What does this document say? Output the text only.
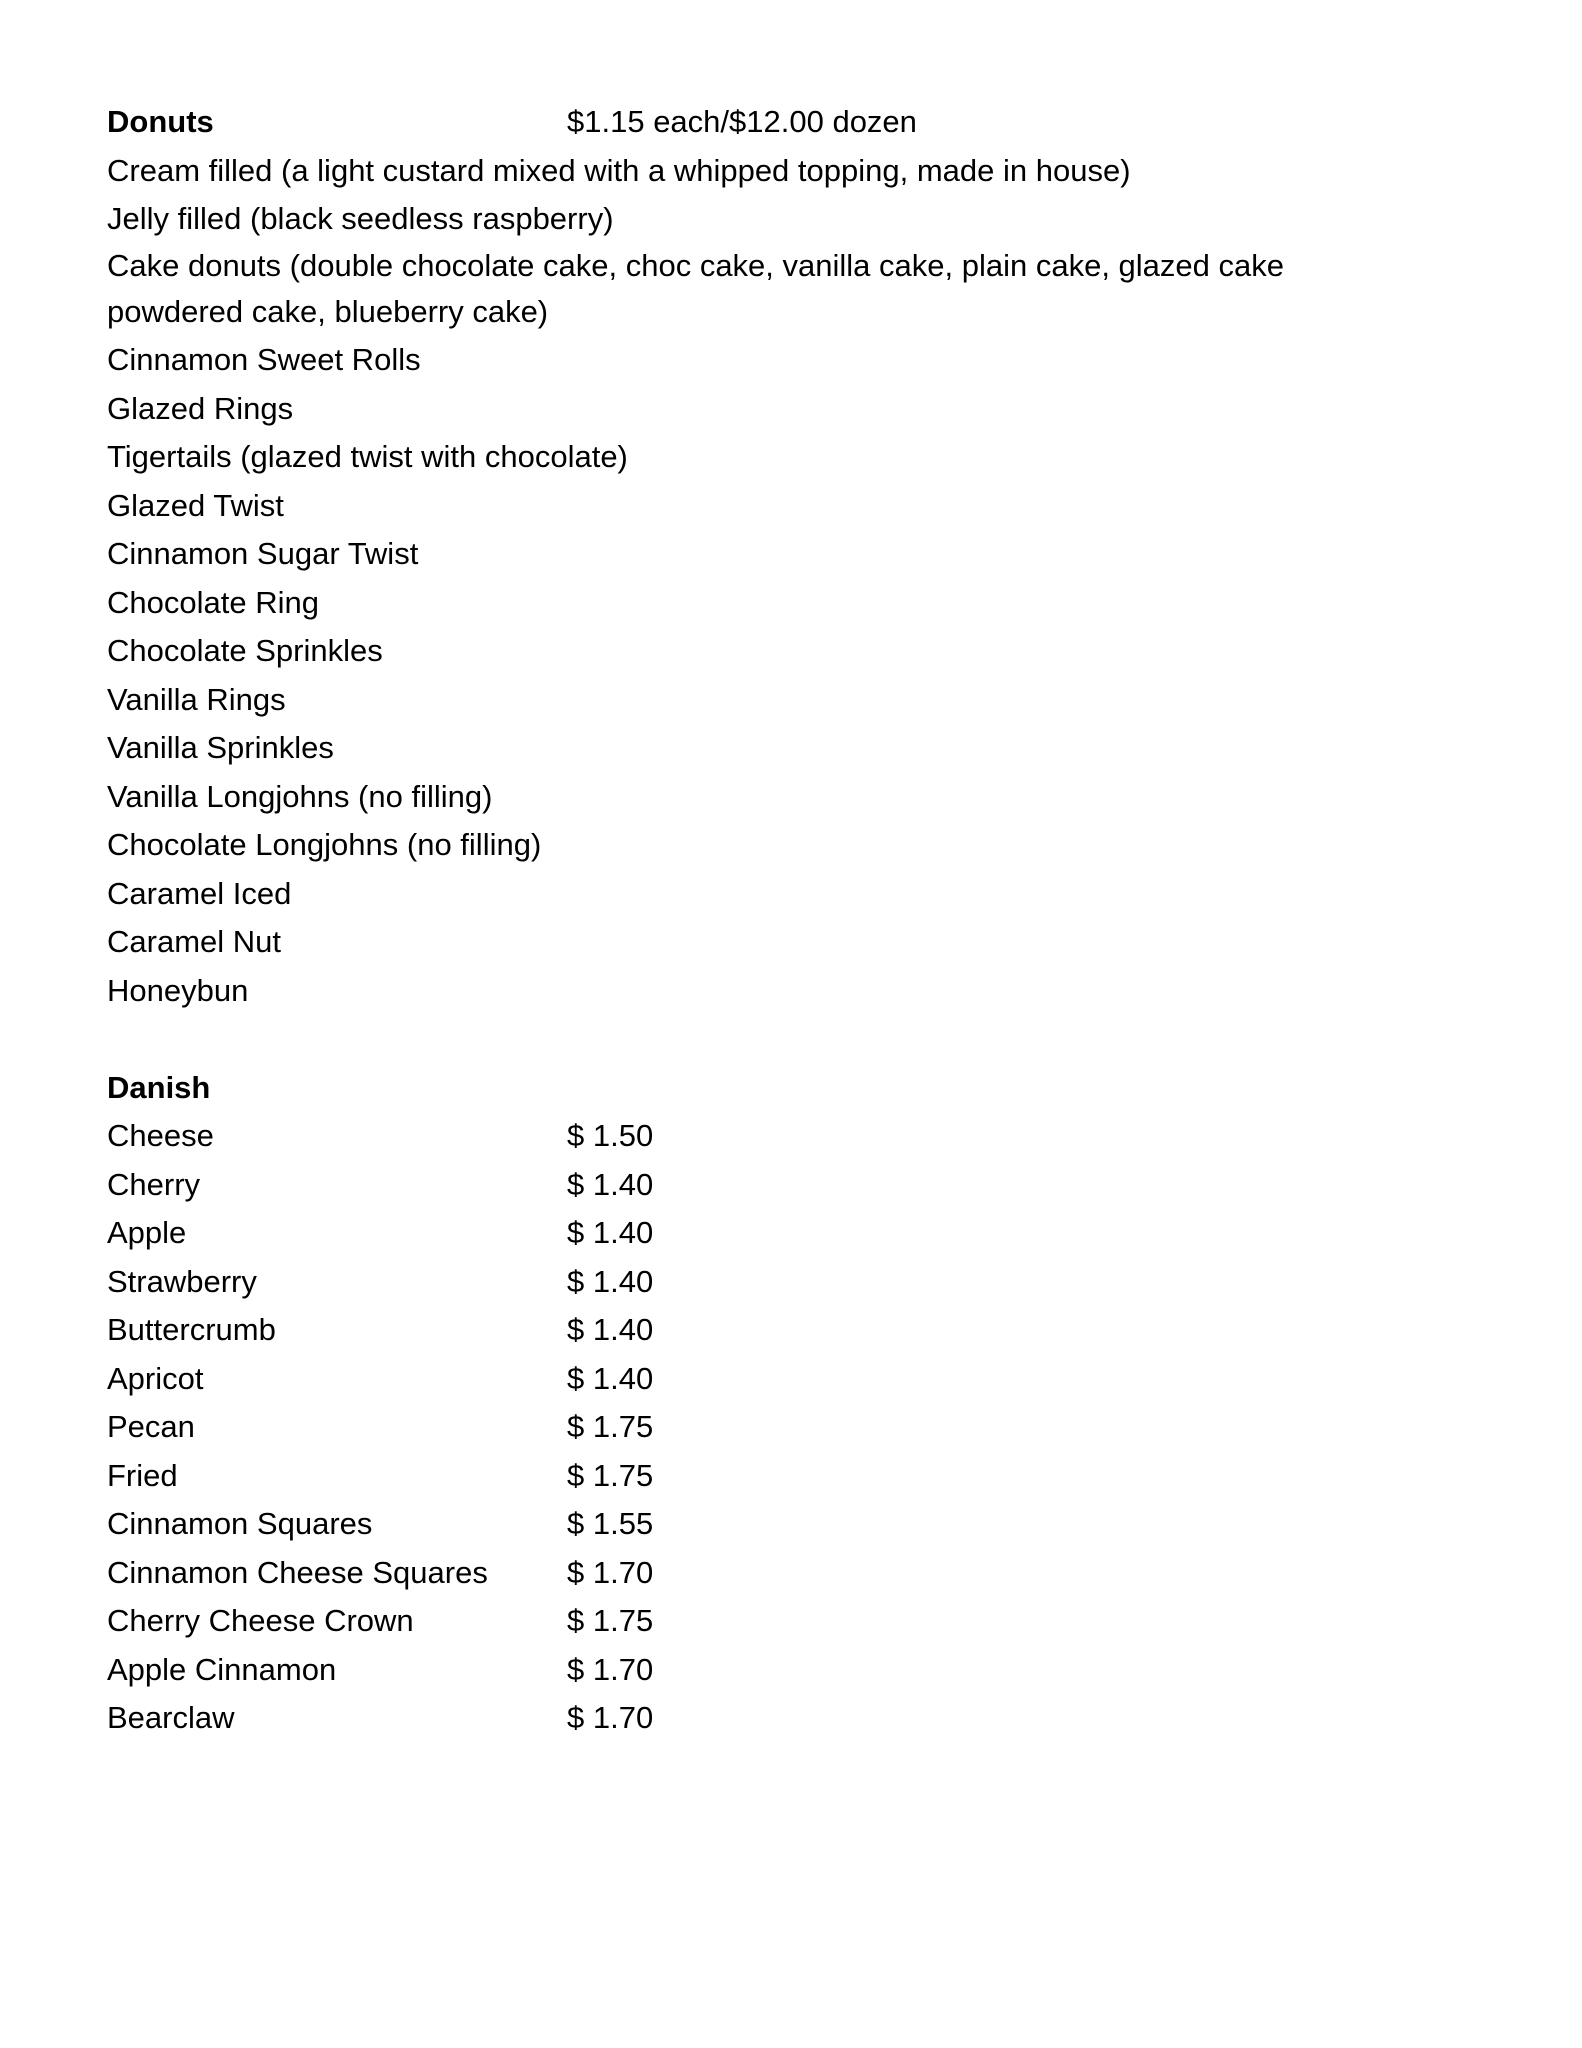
Donuts	$1.15 each/$12.00 dozen
Cream filled (a light custard mixed with a whipped topping, made in house)
Jelly filled (black seedless raspberry)
Cake donuts (double chocolate cake, choc cake, vanilla cake, plain cake, glazed cake
powdered cake, blueberry cake)
Cinnamon Sweet Rolls
Glazed Rings
Tigertails (glazed twist with chocolate)
Glazed Twist
Cinnamon Sugar Twist
Chocolate Ring
Chocolate Sprinkles
Vanilla Rings
Vanilla Sprinkles
Vanilla Longjohns (no filling)
Chocolate Longjohns (no filling)
Caramel Iced
Caramel Nut
Honeybun
Danish
Cheese	$ 1.50
Cherry	$ 1.40
Apple	$ 1.40
Strawberry	$ 1.40
Buttercrumb	$ 1.40
Apricot	$ 1.40
Pecan	$ 1.75
Fried	$ 1.75
Cinnamon Squares	$ 1.55
Cinnamon Cheese Squares	$ 1.70
Cherry Cheese Crown	$ 1.75
Apple Cinnamon	$ 1.70
Bearclaw	$ 1.70
